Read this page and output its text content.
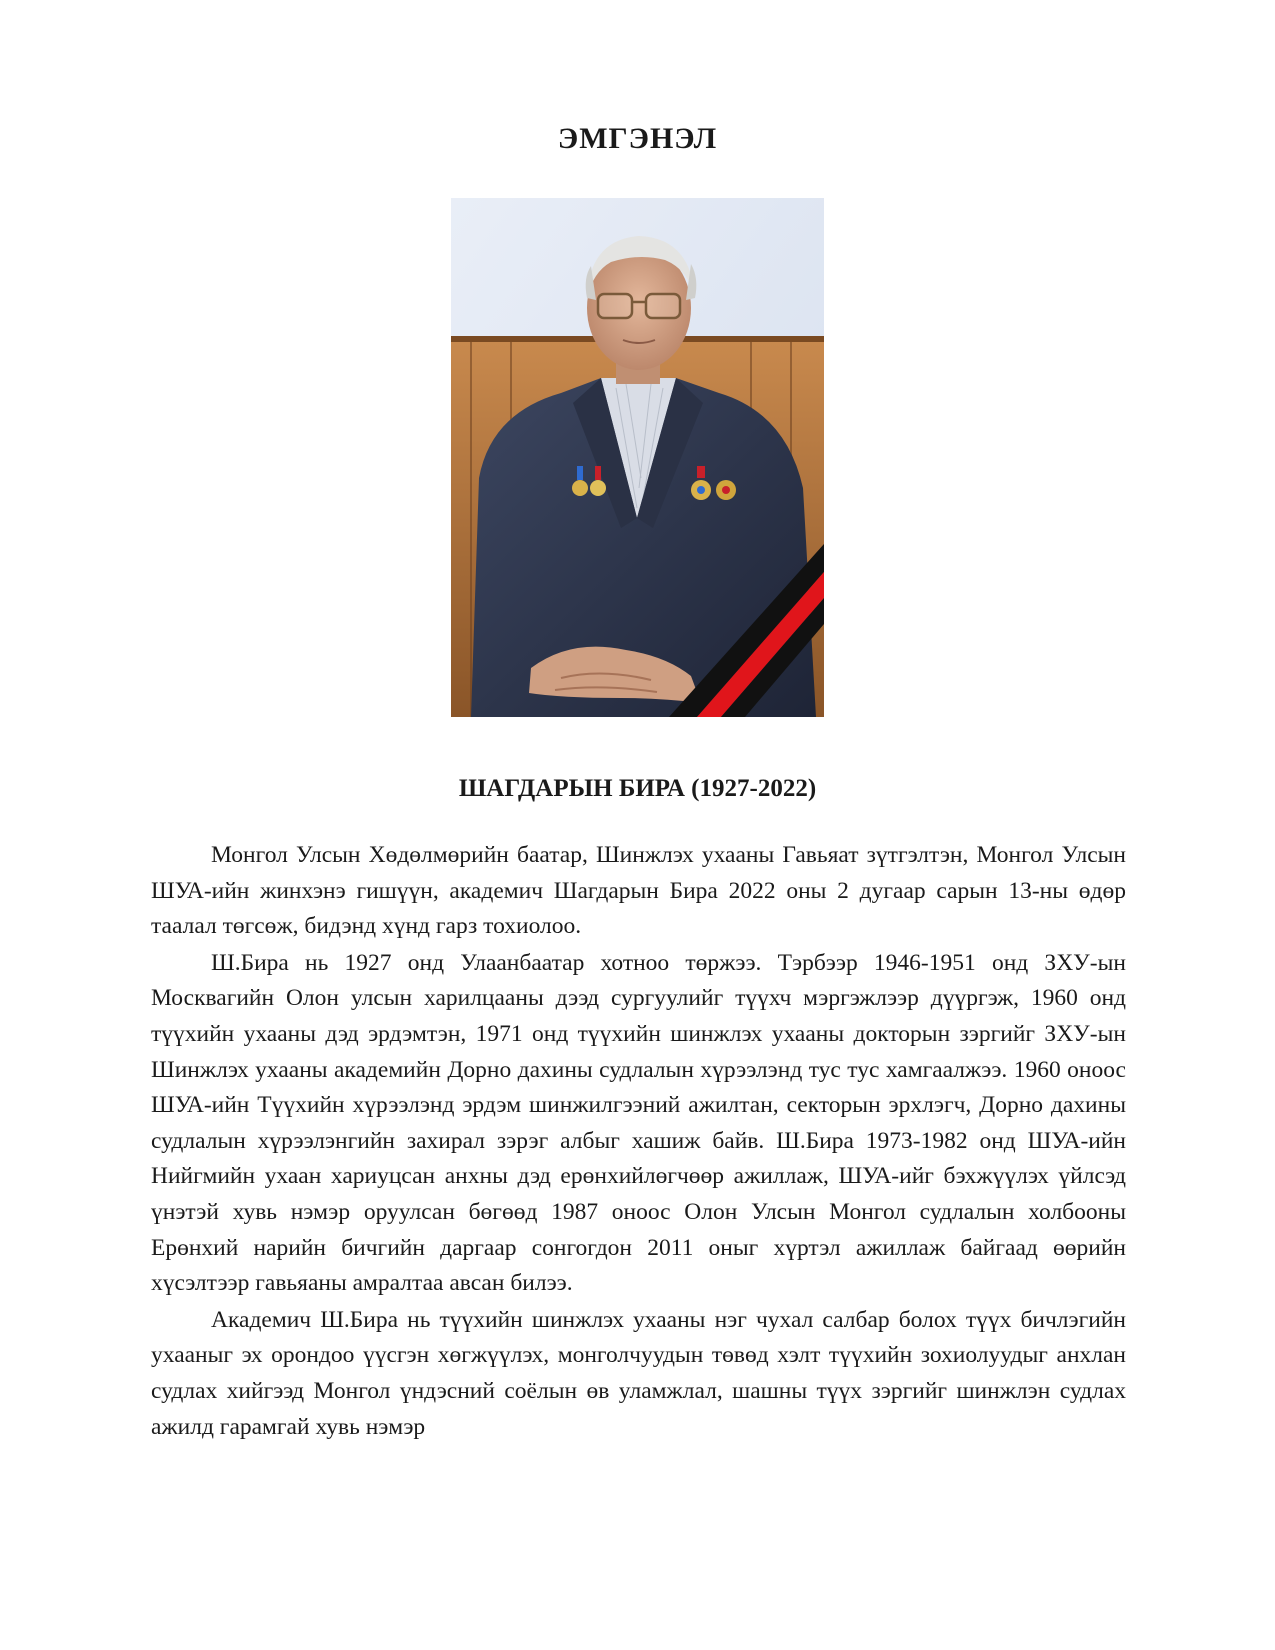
ЭМГЭНЭЛ
ШАГДАРЫН БИРА (1927-2022)

Монгол Улсын Хөдөлмөрийн баатар, Шинжлэх ухааны Гавьяат зүтгэлтэн, Монгол Улсын ШУА-ийн жинхэнэ гишүүн, академич Шагдарын Бира 2022 оны 2 дугаар сарын 13-ны өдөр таалал төгсөж, бидэнд хүнд гарз тохиолоо.

Ш.Бира нь 1927 онд Улаанбаатар хотноо төржээ. Тэрбээр 1946-1951 онд ЗХУ-ын Москвагийн Олон улсын харилцааны дээд сургуулийг түүхч мэргэжлээр дүүргэж, 1960 онд түүхийн ухааны дэд эрдэмтэн, 1971 онд түүхийн шинжлэх ухааны докторын зэргийг ЗХУ-ын Шинжлэх ухааны академийн Дорно дахины судлалын хүрээлэнд тус тус хамгаалжээ. 1960 оноос ШУА-ийн Түүхийн хүрээлэнд эрдэм шинжилгээний ажилтан, секторын эрхлэгч, Дорно дахины судлалын хүрээлэнгийн захирал зэрэг албыг хашиж байв. Ш.Бира 1973-1982 онд ШУА-ийн Нийгмийн ухаан хариуцсан анхны дэд ерөнхийлөгчөөр ажиллаж, ШУА-ийг бэхжүүлэх үйлсэд үнэтэй хувь нэмэр оруулсан бөгөөд 1987 оноос Олон Улсын Монгол судлалын холбооны Ерөнхий нарийн бичгийн даргаар сонгогдон 2011 оныг хүртэл ажиллаж байгаад өөрийн хүсэлтээр гавьяаны амралтаа авсан билээ.

Академич Ш.Бира нь түүхийн шинжлэх ухааны нэг чухал салбар болох түүх бичлэгийн ухааныг эх орондоо үүсгэн хөгжүүлэх, монголчуудын төвөд хэлт түүхийн зохиолуудыг анхлан судлах хийгээд Монгол үндэсний соёлын өв уламжлал, шашны түүх зэргийг шинжлэн судлах ажилд гарамгай хувь нэмэр
